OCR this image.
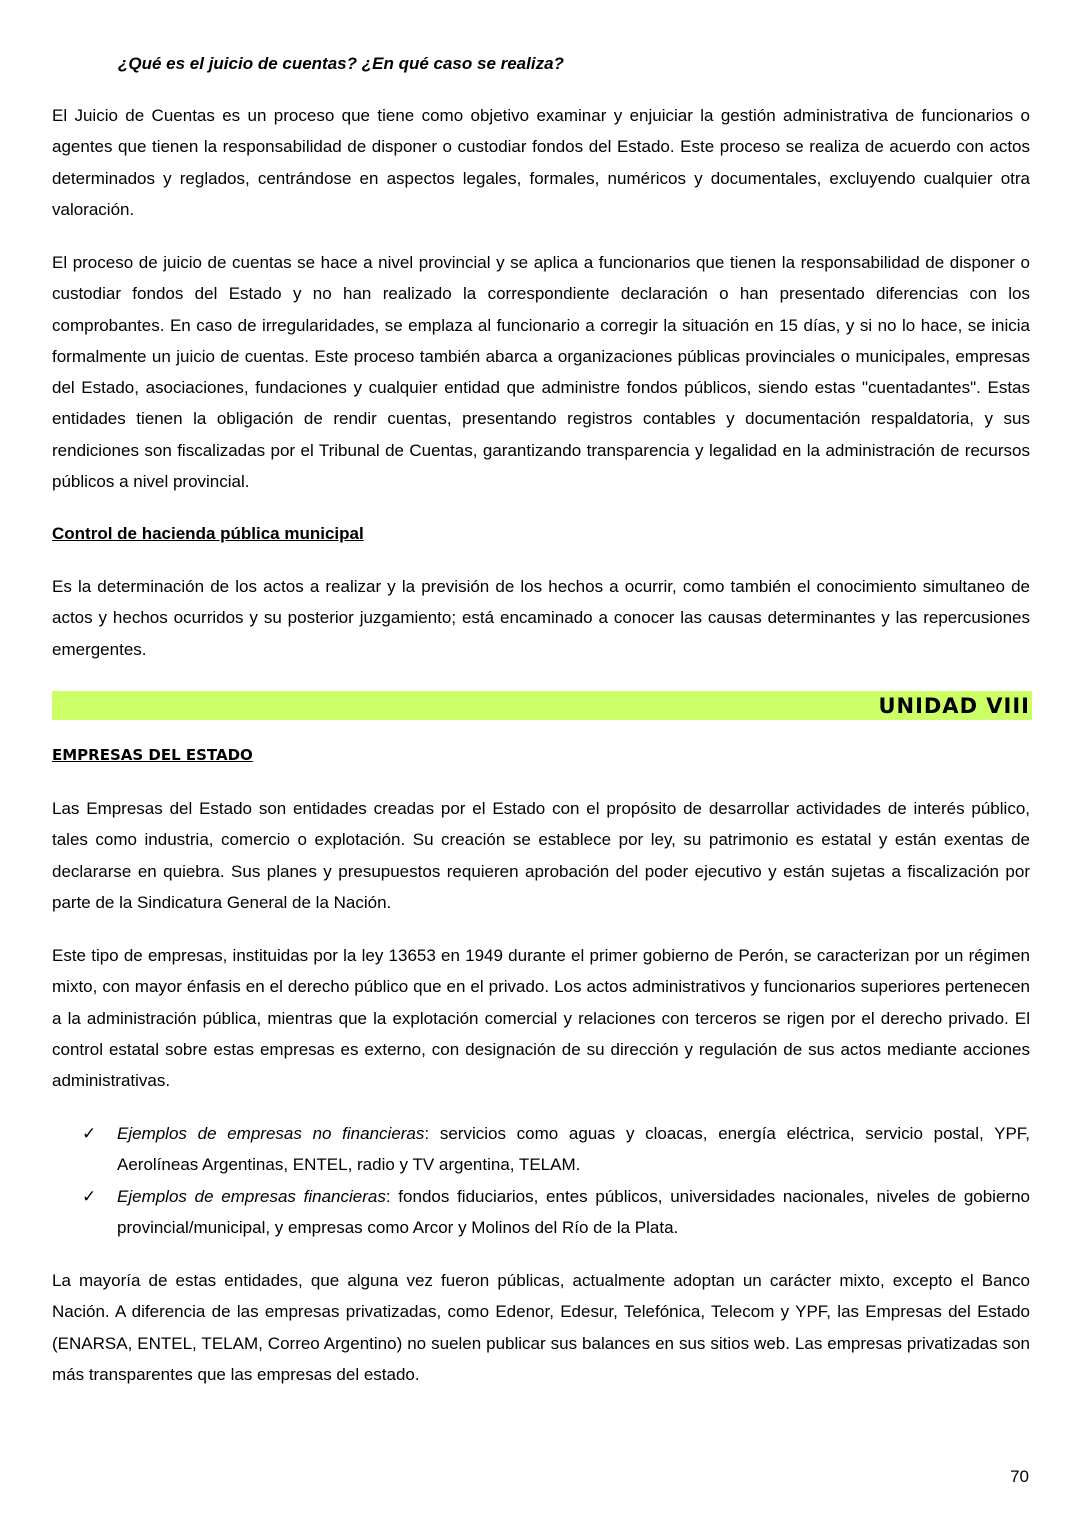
¿Qué es el juicio de cuentas? ¿En qué caso se realiza?

El Juicio de Cuentas es un proceso que tiene como objetivo examinar y enjuiciar la gestión administrativa de funcionarios o agentes que tienen la responsabilidad de disponer o custodiar fondos del Estado. Este proceso se realiza de acuerdo con actos determinados y reglados, centrándose en aspectos legales, formales, numéricos y documentales, excluyendo cualquier otra valoración.

El proceso de juicio de cuentas se hace a nivel provincial y se aplica a funcionarios que tienen la responsabilidad de disponer o custodiar fondos del Estado y no han realizado la correspondiente declaración o han presentado diferencias con los comprobantes. En caso de irregularidades, se emplaza al funcionario a corregir la situación en 15 días, y si no lo hace, se inicia formalmente un juicio de cuentas. Este proceso también abarca a organizaciones públicas provinciales o municipales, empresas del Estado, asociaciones, fundaciones y cualquier entidad que administre fondos públicos, siendo estas "cuentadantes". Estas entidades tienen la obligación de rendir cuentas, presentando registros contables y documentación respaldatoria, y sus rendiciones son fiscalizadas por el Tribunal de Cuentas, garantizando transparencia y legalidad en la administración de recursos públicos a nivel provincial.

Control de hacienda pública municipal

Es la determinación de los actos a realizar y la previsión de los hechos a ocurrir, como también el conocimiento simultaneo de actos y hechos ocurridos y su posterior juzgamiento; está encaminado a conocer las causas determinantes y las repercusiones emergentes.

UNIDAD VIII
EMPRESAS DEL ESTADO

Las Empresas del Estado son entidades creadas por el Estado con el propósito de desarrollar actividades de interés público, tales como industria, comercio o explotación. Su creación se establece por ley, su patrimonio es estatal y están exentas de declararse en quiebra. Sus planes y presupuestos requieren aprobación del poder ejecutivo y están sujetas a fiscalización por parte de la Sindicatura General de la Nación.

Este tipo de empresas, instituidas por la ley 13653 en 1949 durante el primer gobierno de Perón, se caracterizan por un régimen mixto, con mayor énfasis en el derecho público que en el privado. Los actos administrativos y funcionarios superiores pertenecen a la administración pública, mientras que la explotación comercial y relaciones con terceros se rigen por el derecho privado. El control estatal sobre estas empresas es externo, con designación de su dirección y regulación de sus actos mediante acciones administrativas.

✓ Ejemplos de empresas no financieras: servicios como aguas y cloacas, energía eléctrica, servicio postal, YPF, Aerolíneas Argentinas, ENTEL, radio y TV argentina, TELAM.
✓ Ejemplos de empresas financieras: fondos fiduciarios, entes públicos, universidades nacionales, niveles de gobierno provincial/municipal, y empresas como Arcor y Molinos del Río de la Plata.

La mayoría de estas entidades, que alguna vez fueron públicas, actualmente adoptan un carácter mixto, excepto el Banco Nación. A diferencia de las empresas privatizadas, como Edenor, Edesur, Telefónica, Telecom y YPF, las Empresas del Estado (ENARSA, ENTEL, TELAM, Correo Argentino) no suelen publicar sus balances en sus sitios web. Las empresas privatizadas son más transparentes que las empresas del estado.

70
